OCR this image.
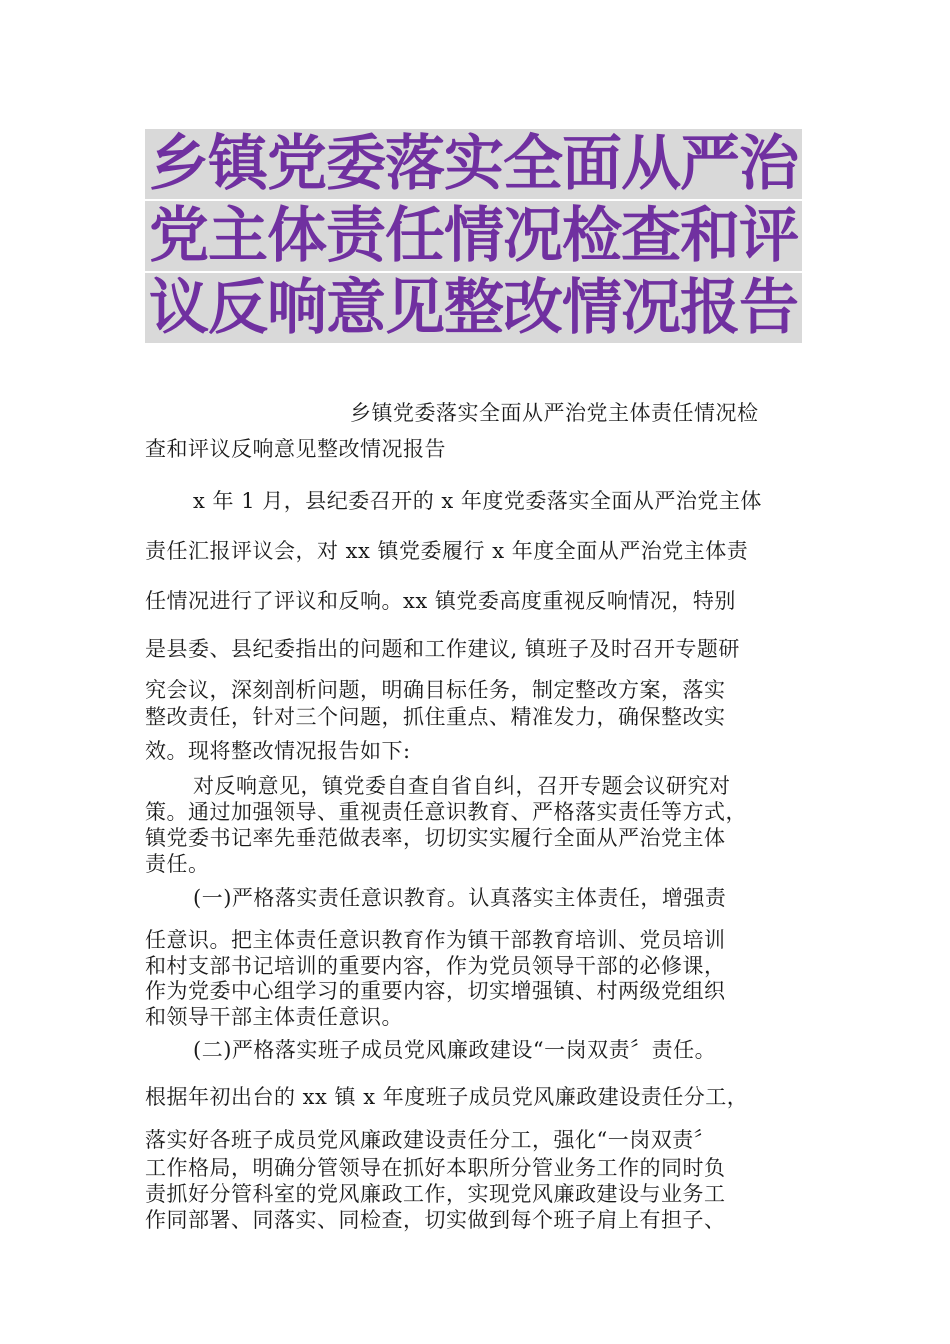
乡镇党委落实全面从严治
党主体责任情况检查和评
议反响意见整改情况报告
乡镇党委落实全面从严治党主体责任情况检
查和评议反响意见整改情况报告
x 年 1 月，县纪委召开的 x 年度党委落实全面从严治党主体
责任汇报评议会，对 xx 镇党委履行 x 年度全面从严治党主体责
任情况进行了评议和反响。xx 镇党委高度重视反响情况，特别
是县委、县纪委指出的问题和工作建议, 镇班子及时召开专题研
究会议，深刻剖析问题，明确目标任务，制定整改方案，落实
整改责任，针对三个问题，抓住重点、精准发力，确保整改实
效。现将整改情况报告如下:
对反响意见，镇党委自查自省自纠，召开专题会议研究对
策。通过加强领导、重视责任意识教育、严格落实责任等方式，
镇党委书记率先垂范做表率，切切实实履行全面从严治党主体
责任。
(一)严格落实责任意识教育。认真落实主体责任，增强责
任意识。把主体责任意识教育作为镇干部教育培训、党员培训
和村支部书记培训的重要内容，作为党员领导干部的必修课，
作为党委中心组学习的重要内容，切实增强镇、村两级党组织
和领导干部主体责任意识。
(二)严格落实班子成员党风廉政建设“一岗双责〞责任。
根据年初出台的 xx 镇 x 年度班子成员党风廉政建设责任分工，
落实好各班子成员党风廉政建设责任分工，强化“一岗双责〞
工作格局，明确分管领导在抓好本职所分管业务工作的同时负
责抓好分管科室的党风廉政工作，实现党风廉政建设与业务工
作同部署、同落实、同检查，切实做到每个班子肩上有担子、
